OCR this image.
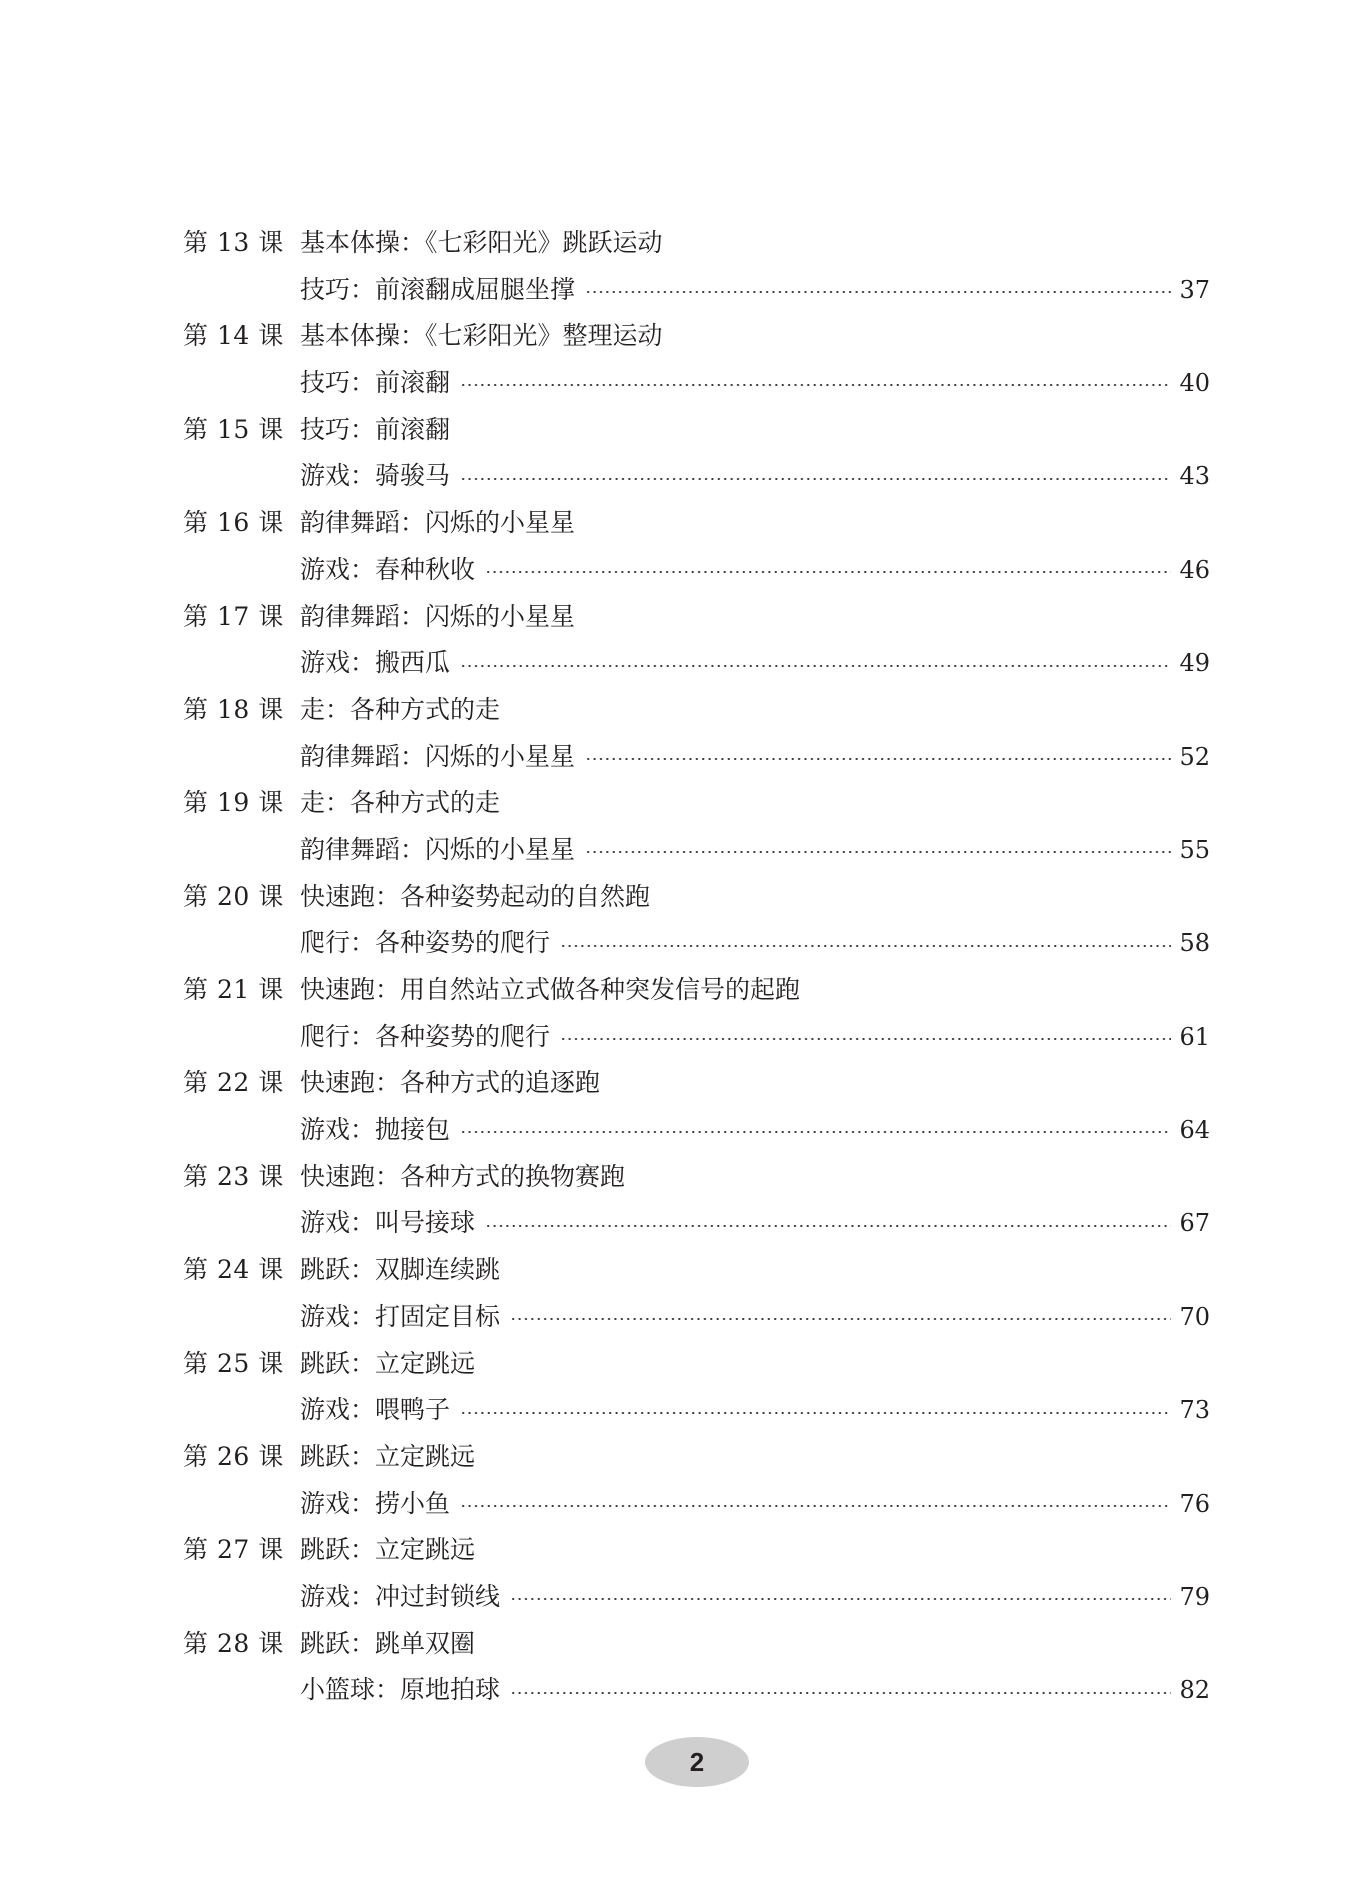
第 13 课 基本体操：《七彩阳光》跳跃运动
技巧：前滚翻成屈腿坐撑	37
第 14 课 基本体操：《七彩阳光》整理运动
技巧：前滚翻	40
第 15 课 技巧：前滚翻
游戏：骑骏马	43
第 16 课 韵律舞蹈：闪烁的小星星
游戏：春种秋收	46
第 17 课 韵律舞蹈：闪烁的小星星
游戏：搬西瓜	49
第 18 课 走：各种方式的走
韵律舞蹈：闪烁的小星星	52
第 19 课 走：各种方式的走
韵律舞蹈：闪烁的小星星	55
第 20 课 快速跑：各种姿势起动的自然跑
爬行：各种姿势的爬行	58
第 21 课 快速跑：用自然站立式做各种突发信号的起跑
爬行：各种姿势的爬行	61
第 22 课 快速跑：各种方式的追逐跑
游戏：抛接包	64
第 23 课 快速跑：各种方式的换物赛跑
游戏：叫号接球	67
第 24 课 跳跃：双脚连续跳
游戏：打固定目标	70
第 25 课 跳跃：立定跳远
游戏：喂鸭子	73
第 26 课 跳跃：立定跳远
游戏：捞小鱼	76
第 27 课 跳跃：立定跳远
游戏：冲过封锁线	79
第 28 课 跳跃：跳单双圈
小篮球：原地拍球	82
2
